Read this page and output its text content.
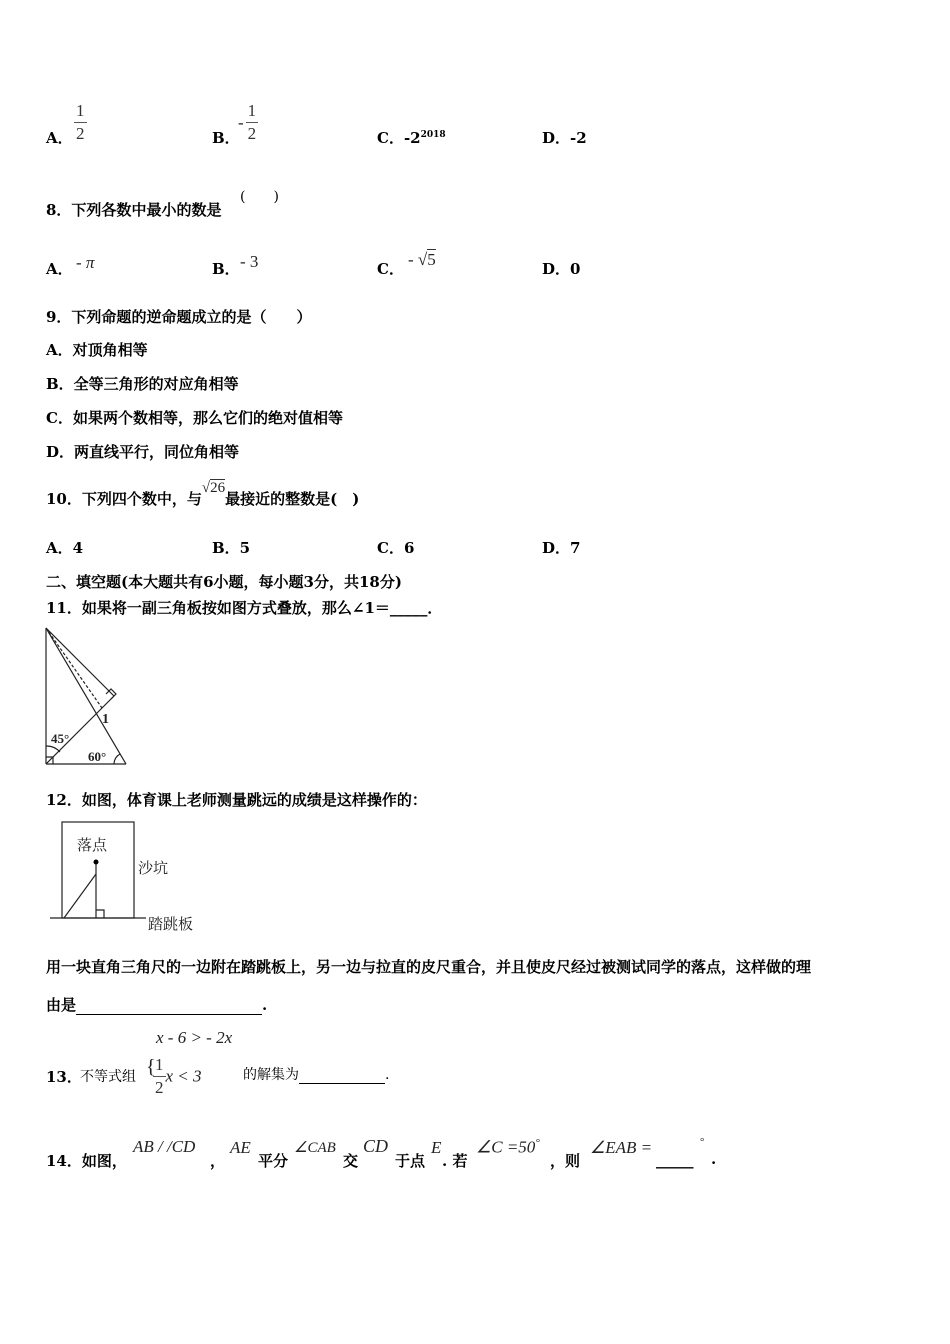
A． $\frac{1}{2}$	B．
- $\frac{1}{2}$	C．$-2^{2018}$	D．-2
8．下列各数中最小的数是
(　　)
A． - π	B． - 3	C． - √5	D．0
9．下列命题的逆命题成立的是（　　）
A．对顶角相等
B．全等三角形的对应角相等
C．如果两个数相等，那么它们的绝对值相等
D．两直线平行，同位角相等
10．下列四个数中，与√26最接近的整数是(　)
A．4	B．5	C．6	D．7
二、填空题(本大题共有6小题，每小题3分，共18分)
11．如果将一副三角板按如图方式叠放，那么∠1＝_____．
1
45°
60°
12．如图，体育课上老师测量跳远的成绩是这样操作的：
落点
沙坑
踏跳板
用一块直角三角尺的一边附在踏跳板上，另一边与拉直的皮尺重合，并且使皮尺经过被测试同学的落点，这样做的理
由是	.
13．
不等式组
x - 6 > - 2x
{
$\frac{1}{2}$ x < 3	的解集为	.
14．如图，
AB / /CD
，
AE
平分
∠CAB
交
CD
于点
E
. 若
∠C =50°
，则
∠EAB =
_____
°
.
